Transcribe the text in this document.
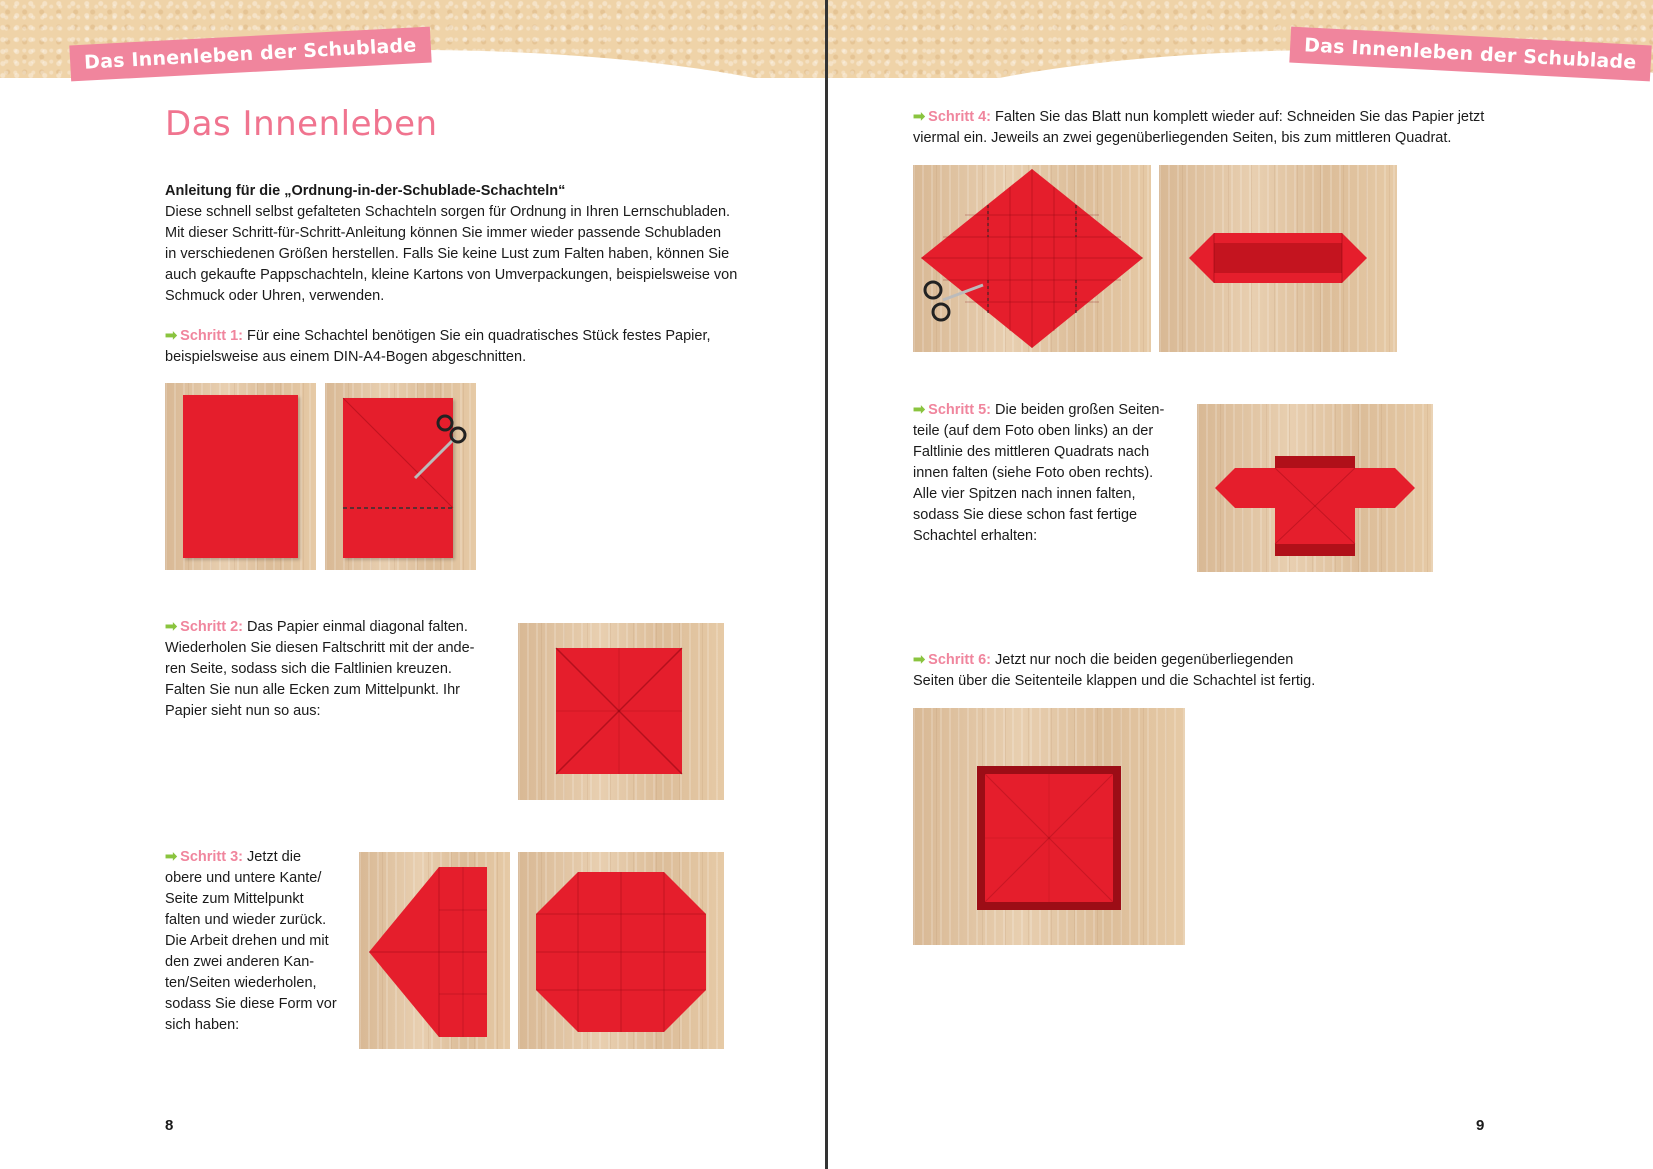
Das Innenleben der Schublade
Das Innenleben
Anleitung für die „Ordnung-in-der-Schublade-Schachteln“
Diese schnell selbst gefalteten Schachteln sorgen für Ordnung in Ihren Lernschubladen.
Mit dieser Schritt-für-Schritt-Anleitung können Sie immer wieder passende Schubladen
in verschiedenen Größen herstellen. Falls Sie keine Lust zum Falten haben, können Sie
auch gekaufte Pappschachteln, kleine Kartons von Umverpackungen, beispielsweise von
Schmuck oder Uhren, verwenden.
➡ Schritt 1: Für eine Schachtel benötigen Sie ein quadratisches Stück festes Papier,
beispielsweise aus einem DIN-A4-Bogen abgeschnitten.
➡ Schritt 2: Das Papier einmal diagonal falten.
Wiederholen Sie diesen Faltschritt mit der ande-
ren Seite, sodass sich die Faltlinien kreuzen.
Falten Sie nun alle Ecken zum Mittelpunkt. Ihr
Papier sieht nun so aus:
➡ Schritt 3: Jetzt die
obere und untere Kante/
Seite zum Mittelpunkt
falten und wieder zurück.
Die Arbeit drehen und mit
den zwei anderen Kan-
ten/Seiten wiederholen,
sodass Sie diese Form vor
sich haben:
8
Das Innenleben der Schublade
➡ Schritt 4: Falten Sie das Blatt nun komplett wieder auf: Schneiden Sie das Papier jetzt
viermal ein. Jeweils an zwei gegenüberliegenden Seiten, bis zum mittleren Quadrat.
➡ Schritt 5: Die beiden großen Seiten-
teile (auf dem Foto oben links) an der
Faltlinie des mittleren Quadrats nach
innen falten (siehe Foto oben rechts).
Alle vier Spitzen nach innen falten,
sodass Sie diese schon fast fertige
Schachtel erhalten:
➡ Schritt 6: Jetzt nur noch die beiden gegenüberliegenden
Seiten über die Seitenteile klappen und die Schachtel ist fertig.
9
